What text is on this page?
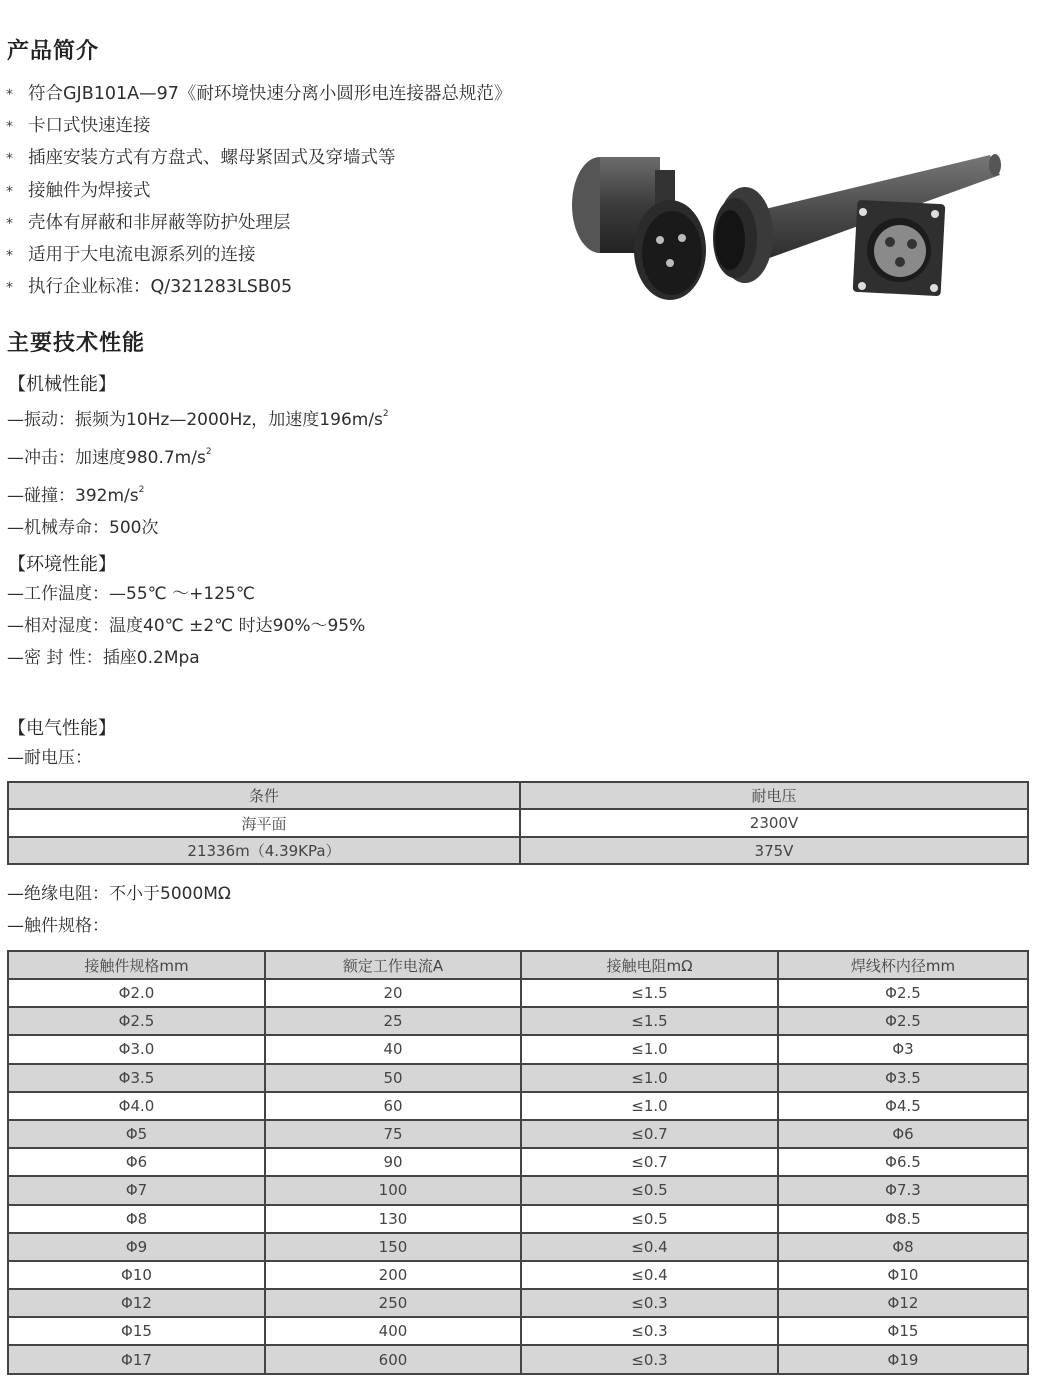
产品简介
* 符合GJB101A—97《耐环境快速分离小圆形电连接器总规范》
* 卡口式快速连接
* 插座安装方式有方盘式、螺母紧固式及穿墙式等
* 接触件为焊接式
* 壳体有屏蔽和非屏蔽等防护处理层
* 适用于大电流电源系列的连接
* 执行企业标准：Q/321283LSB05
主要技术性能
【机械性能】
—振动：振频为10Hz—2000Hz，加速度$196m/s^2$
—冲击：加速度$980.7m/s^2$
—碰撞：$392m/s^2$
—机械寿命：500次
【环境性能】
—工作温度：—55℃ ～+125℃
—相对湿度：温度40℃ ±2℃ 时达90%～95%
—密 封 性：插座0.2Mpa
【电气性能】
—耐电压：
条件	耐电压
海平面	2300V
21336m（4.39KPa）	375V
—绝缘电阻：不小于5000MΩ
—触件规格：
接触件规格mm	额定工作电流A	接触电阻mΩ	焊线杯内径mm
Φ2.0	20	≤1.5	Φ2.5
Φ2.5	25	≤1.5	Φ2.5
Φ3.0	40	≤1.0	Φ3
Φ3.5	50	≤1.0	Φ3.5
Φ4.0	60	≤1.0	Φ4.5
Φ5	75	≤0.7	Φ6
Φ6	90	≤0.7	Φ6.5
Φ7	100	≤0.5	Φ7.3
Φ8	130	≤0.5	Φ8.5
Φ9	150	≤0.4	Φ8
Φ10	200	≤0.4	Φ10
Φ12	250	≤0.3	Φ12
Φ15	400	≤0.3	Φ15
Φ17	600	≤0.3	Φ19
